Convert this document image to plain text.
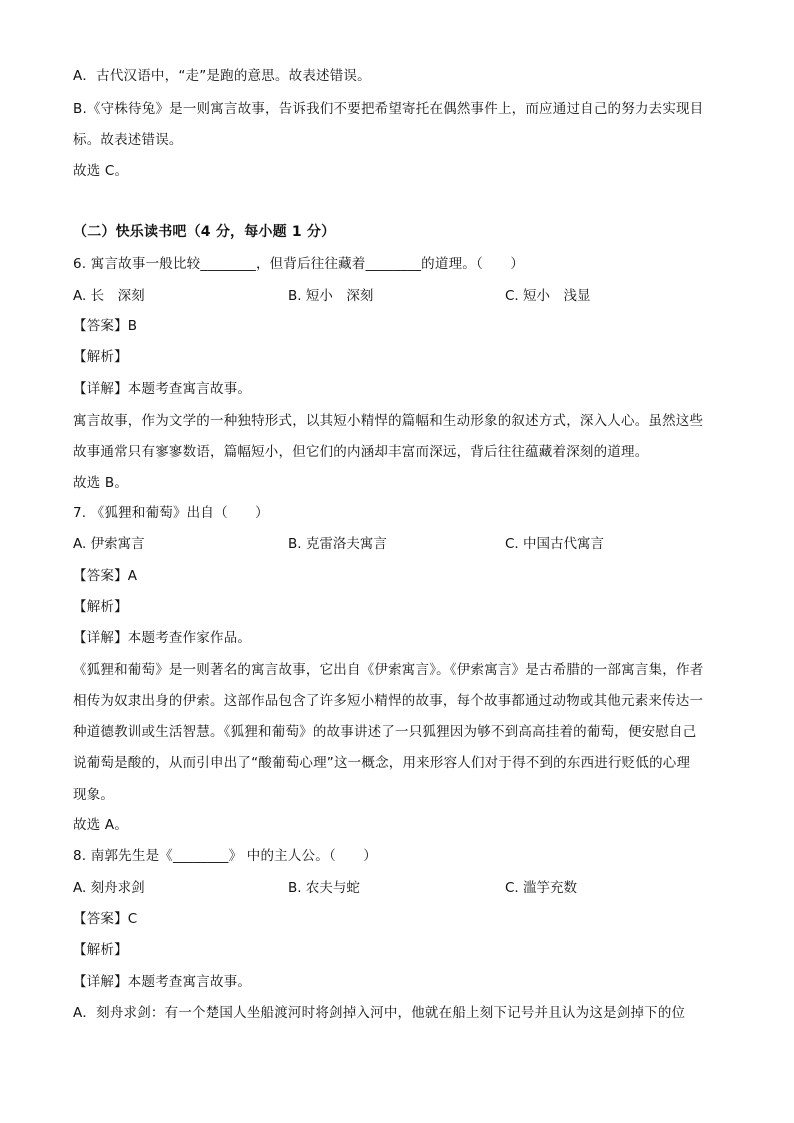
A．古代汉语中，“走”是跑的意思。故表述错误。
B.《守株待兔》是一则寓言故事，告诉我们不要把希望寄托在偶然事件上，而应通过自己的努力去实现目
标。故表述错误。
故选 C。
（二）快乐读书吧（4 分，每小题 1 分）
6. 寓言故事一般比较________，但背后往往藏着________的道理。（　　）
A. 长　深刻	B. 短小　深刻	C. 短小　浅显
【答案】B
【解析】
【详解】本题考查寓言故事。
寓言故事，作为文学的一种独特形式，以其短小精悍的篇幅和生动形象的叙述方式，深入人心。虽然这些
故事通常只有寥寥数语，篇幅短小，但它们的内涵却丰富而深远，背后往往蕴藏着深刻的道理。
故选 B。
7. 《狐狸和葡萄》出自（　　）
A. 伊索寓言	B. 克雷洛夫寓言	C. 中国古代寓言
【答案】A
【解析】
【详解】本题考查作家作品。
《狐狸和葡萄》是一则著名的寓言故事，它出自《伊索寓言》。《伊索寓言》是古希腊的一部寓言集，作者
相传为奴隶出身的伊索。这部作品包含了许多短小精悍的故事，每个故事都通过动物或其他元素来传达一
种道德教训或生活智慧。《狐狸和葡萄》的故事讲述了一只狐狸因为够不到高高挂着的葡萄，便安慰自己
说葡萄是酸的，从而引申出了“酸葡萄心理”这一概念，用来形容人们对于得不到的东西进行贬低的心理
现象。
故选 A。
8. 南郭先生是《________》 中的主人公。（　　）
A. 刻舟求剑	B. 农夫与蛇	C. 滥竽充数
【答案】C
【解析】
【详解】本题考查寓言故事。
A．刻舟求剑：有一个楚国人坐船渡河时将剑掉入河中，他就在船上刻下记号并且认为这是剑掉下的位
